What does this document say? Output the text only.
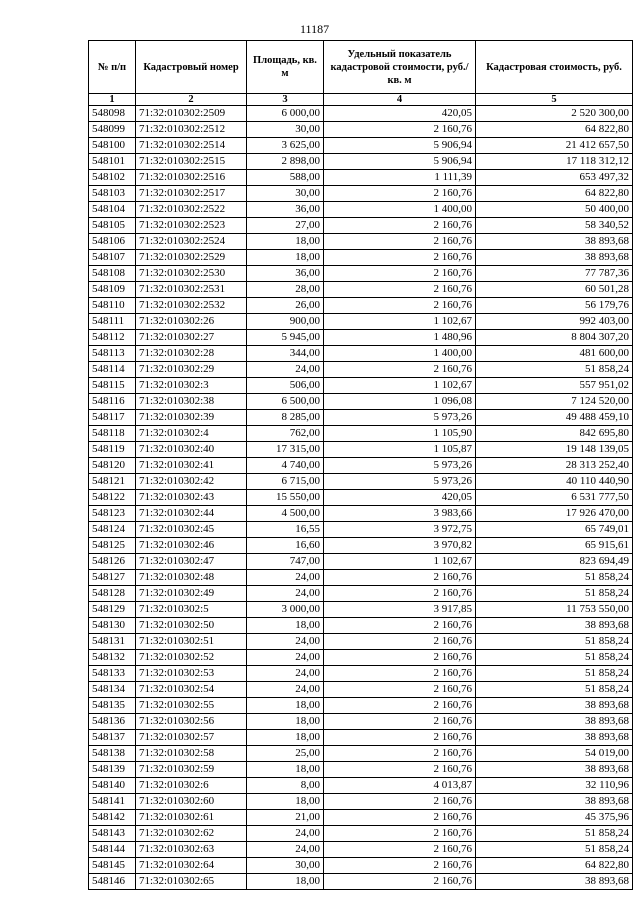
11187
№ п/п	Кадастровый номер	Площадь, кв. м	Удельный показатель кадастровой стоимости, руб./кв. м	Кадастровая стоимость, руб.
1	2	3	4	5
548098	71:32:010302:2509	6 000,00	420,05	2 520 300,00
548099	71:32:010302:2512	30,00	2 160,76	64 822,80
548100	71:32:010302:2514	3 625,00	5 906,94	21 412 657,50
548101	71:32:010302:2515	2 898,00	5 906,94	17 118 312,12
548102	71:32:010302:2516	588,00	1 111,39	653 497,32
548103	71:32:010302:2517	30,00	2 160,76	64 822,80
548104	71:32:010302:2522	36,00	1 400,00	50 400,00
548105	71:32:010302:2523	27,00	2 160,76	58 340,52
548106	71:32:010302:2524	18,00	2 160,76	38 893,68
548107	71:32:010302:2529	18,00	2 160,76	38 893,68
548108	71:32:010302:2530	36,00	2 160,76	77 787,36
548109	71:32:010302:2531	28,00	2 160,76	60 501,28
548110	71:32:010302:2532	26,00	2 160,76	56 179,76
548111	71:32:010302:26	900,00	1 102,67	992 403,00
548112	71:32:010302:27	5 945,00	1 480,96	8 804 307,20
548113	71:32:010302:28	344,00	1 400,00	481 600,00
548114	71:32:010302:29	24,00	2 160,76	51 858,24
548115	71:32:010302:3	506,00	1 102,67	557 951,02
548116	71:32:010302:38	6 500,00	1 096,08	7 124 520,00
548117	71:32:010302:39	8 285,00	5 973,26	49 488 459,10
548118	71:32:010302:4	762,00	1 105,90	842 695,80
548119	71:32:010302:40	17 315,00	1 105,87	19 148 139,05
548120	71:32:010302:41	4 740,00	5 973,26	28 313 252,40
548121	71:32:010302:42	6 715,00	5 973,26	40 110 440,90
548122	71:32:010302:43	15 550,00	420,05	6 531 777,50
548123	71:32:010302:44	4 500,00	3 983,66	17 926 470,00
548124	71:32:010302:45	16,55	3 972,75	65 749,01
548125	71:32:010302:46	16,60	3 970,82	65 915,61
548126	71:32:010302:47	747,00	1 102,67	823 694,49
548127	71:32:010302:48	24,00	2 160,76	51 858,24
548128	71:32:010302:49	24,00	2 160,76	51 858,24
548129	71:32:010302:5	3 000,00	3 917,85	11 753 550,00
548130	71:32:010302:50	18,00	2 160,76	38 893,68
548131	71:32:010302:51	24,00	2 160,76	51 858,24
548132	71:32:010302:52	24,00	2 160,76	51 858,24
548133	71:32:010302:53	24,00	2 160,76	51 858,24
548134	71:32:010302:54	24,00	2 160,76	51 858,24
548135	71:32:010302:55	18,00	2 160,76	38 893,68
548136	71:32:010302:56	18,00	2 160,76	38 893,68
548137	71:32:010302:57	18,00	2 160,76	38 893,68
548138	71:32:010302:58	25,00	2 160,76	54 019,00
548139	71:32:010302:59	18,00	2 160,76	38 893,68
548140	71:32:010302:6	8,00	4 013,87	32 110,96
548141	71:32:010302:60	18,00	2 160,76	38 893,68
548142	71:32:010302:61	21,00	2 160,76	45 375,96
548143	71:32:010302:62	24,00	2 160,76	51 858,24
548144	71:32:010302:63	24,00	2 160,76	51 858,24
548145	71:32:010302:64	30,00	2 160,76	64 822,80
548146	71:32:010302:65	18,00	2 160,76	38 893,68
